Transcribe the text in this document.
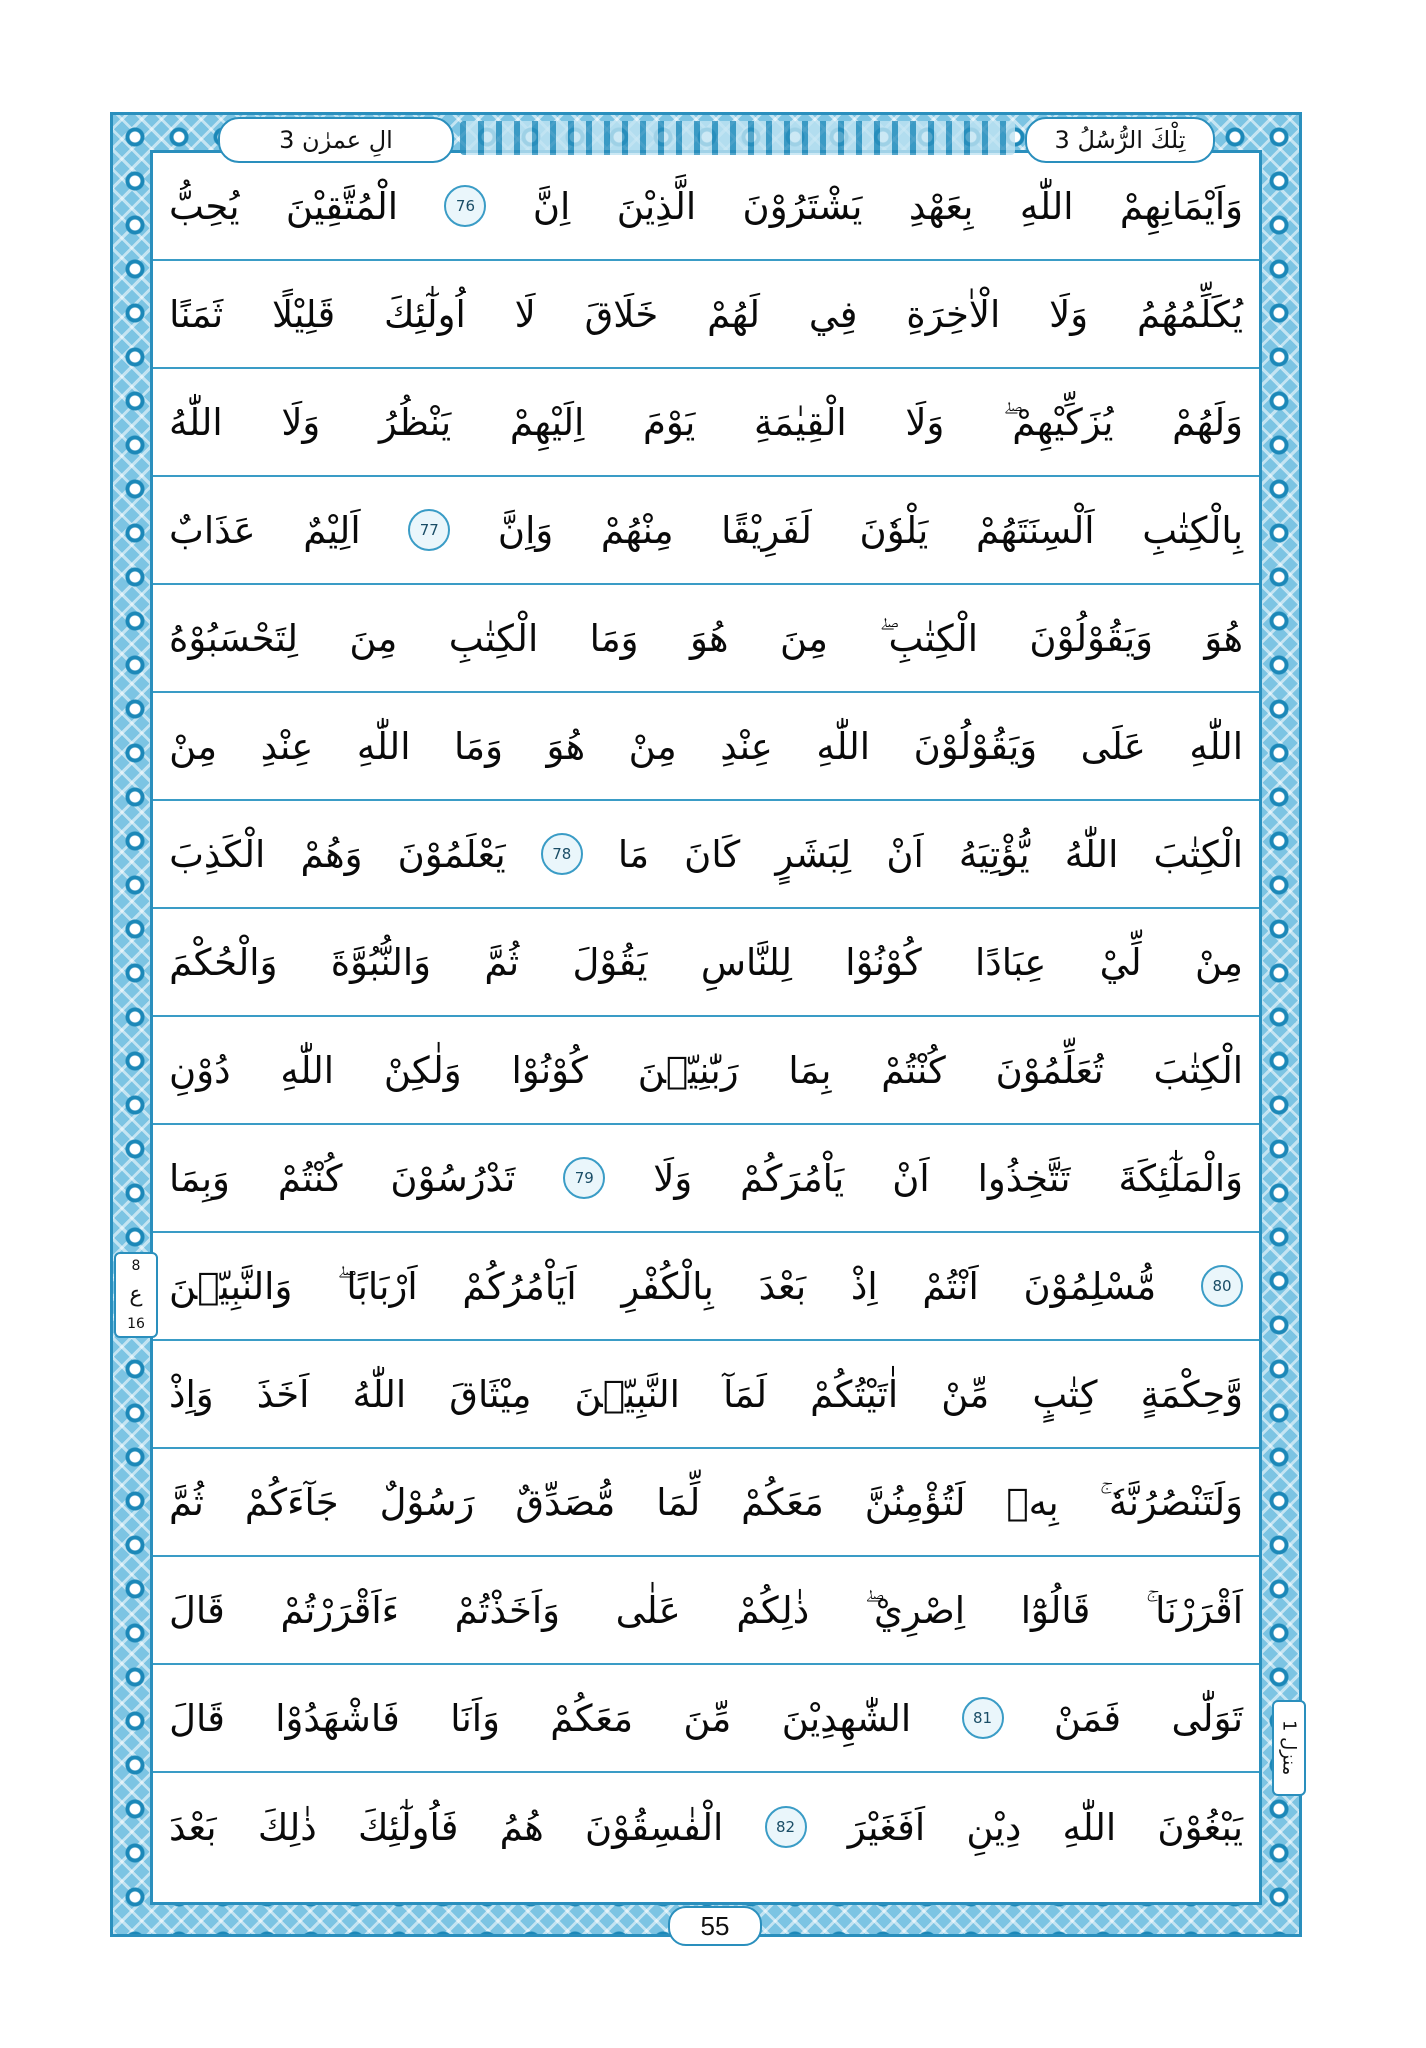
الِ عمرٰن 3	تِلْكَ الرُّسُلُ 3
وَاَيْمَانِهِمْ
اللّٰهِ
بِعَهْدِ
يَشْتَرُوْنَ
الَّذِيْنَ
اِنَّ
76
الْمُتَّقِيْنَ
يُحِبُّ
يُكَلِّمُهُمُ
وَلَا
الْاٰخِرَةِ
فِي
لَهُمْ
خَلَاقَ
لَا
اُولٰٓئِكَ
قَلِيْلًا
ثَمَنًا
وَلَهُمْ
يُزَكِّيْهِمْ ۖ
وَلَا
الْقِيٰمَةِ
يَوْمَ
اِلَيْهِمْ
يَنْظُرُ
وَلَا
اللّٰهُ
بِالْكِتٰبِ
اَلْسِنَتَهُمْ
يَلْوٗنَ
لَفَرِيْقًا
مِنْهُمْ
وَاِنَّ
77
اَلِيْمٌ
عَذَابٌ
هُوَ
وَيَقُوْلُوْنَ
الْكِتٰبِ ۖ
مِنَ
هُوَ
وَمَا
الْكِتٰبِ
مِنَ
لِتَحْسَبُوْهُ
اللّٰهِ
عَلَى
وَيَقُوْلُوْنَ
اللّٰهِ
عِنْدِ
مِنْ
هُوَ
وَمَا
اللّٰهِ
عِنْدِ
مِنْ
الْكِتٰبَ
اللّٰهُ
يُّؤْتِيَهُ
اَنْ
لِبَشَرٍ
كَانَ
مَا
78
يَعْلَمُوْنَ
وَهُمْ
الْكَذِبَ
مِنْ
لِّيْ
عِبَادًا
كُوْنُوْا
لِلنَّاسِ
يَقُوْلَ
ثُمَّ
وَالنُّبُوَّةَ
وَالْحُكْمَ
الْكِتٰبَ
تُعَلِّمُوْنَ
كُنْتُمْ
بِمَا
رَبّٰنِيّٖنَ
كُوْنُوْا
وَلٰكِنْ
اللّٰهِ
دُوْنِ
وَالْمَلٰٓئِكَةَ
تَتَّخِذُوا
اَنْ
يَاْمُرَكُمْ
وَلَا
79
تَدْرُسُوْنَ
كُنْتُمْ
وَبِمَا
80
مُّسْلِمُوْنَ
اَنْتُمْ
اِذْ
بَعْدَ
بِالْكُفْرِ
اَيَاْمُرُكُمْ
اَرْبَابًا ۖ
وَالنَّبِيّٖنَ
وَّحِكْمَةٍ
كِتٰبٍ
مِّنْ
اٰتَيْتُكُمْ
لَمَآ
النَّبِيّٖنَ
مِيْثَاقَ
اللّٰهُ
اَخَذَ
وَاِذْ
وَلَتَنْصُرُنَّهٗ ۚ
بِهٖ
لَتُؤْمِنُنَّ
مَعَكُمْ
لِّمَا
مُّصَدِّقٌ
رَسُوْلٌ
جَآءَكُمْ
ثُمَّ
اَقْرَرْنَا ۚ
قَالُوْٓا
اِصْرِيْ ۖ
ذٰلِكُمْ
عَلٰى
وَاَخَذْتُمْ
ءَاَقْرَرْتُمْ
قَالَ
تَوَلّٰى
فَمَنْ
81
الشّٰهِدِيْنَ
مِّنَ
مَعَكُمْ
وَاَنَا
فَاشْهَدُوْا
قَالَ
يَبْغُوْنَ
اللّٰهِ
دِيْنِ
اَفَغَيْرَ
82
الْفٰسِقُوْنَ
هُمُ
فَاُولٰٓئِكَ
ذٰلِكَ
بَعْدَ
8
ع
16
منزل 1
55
